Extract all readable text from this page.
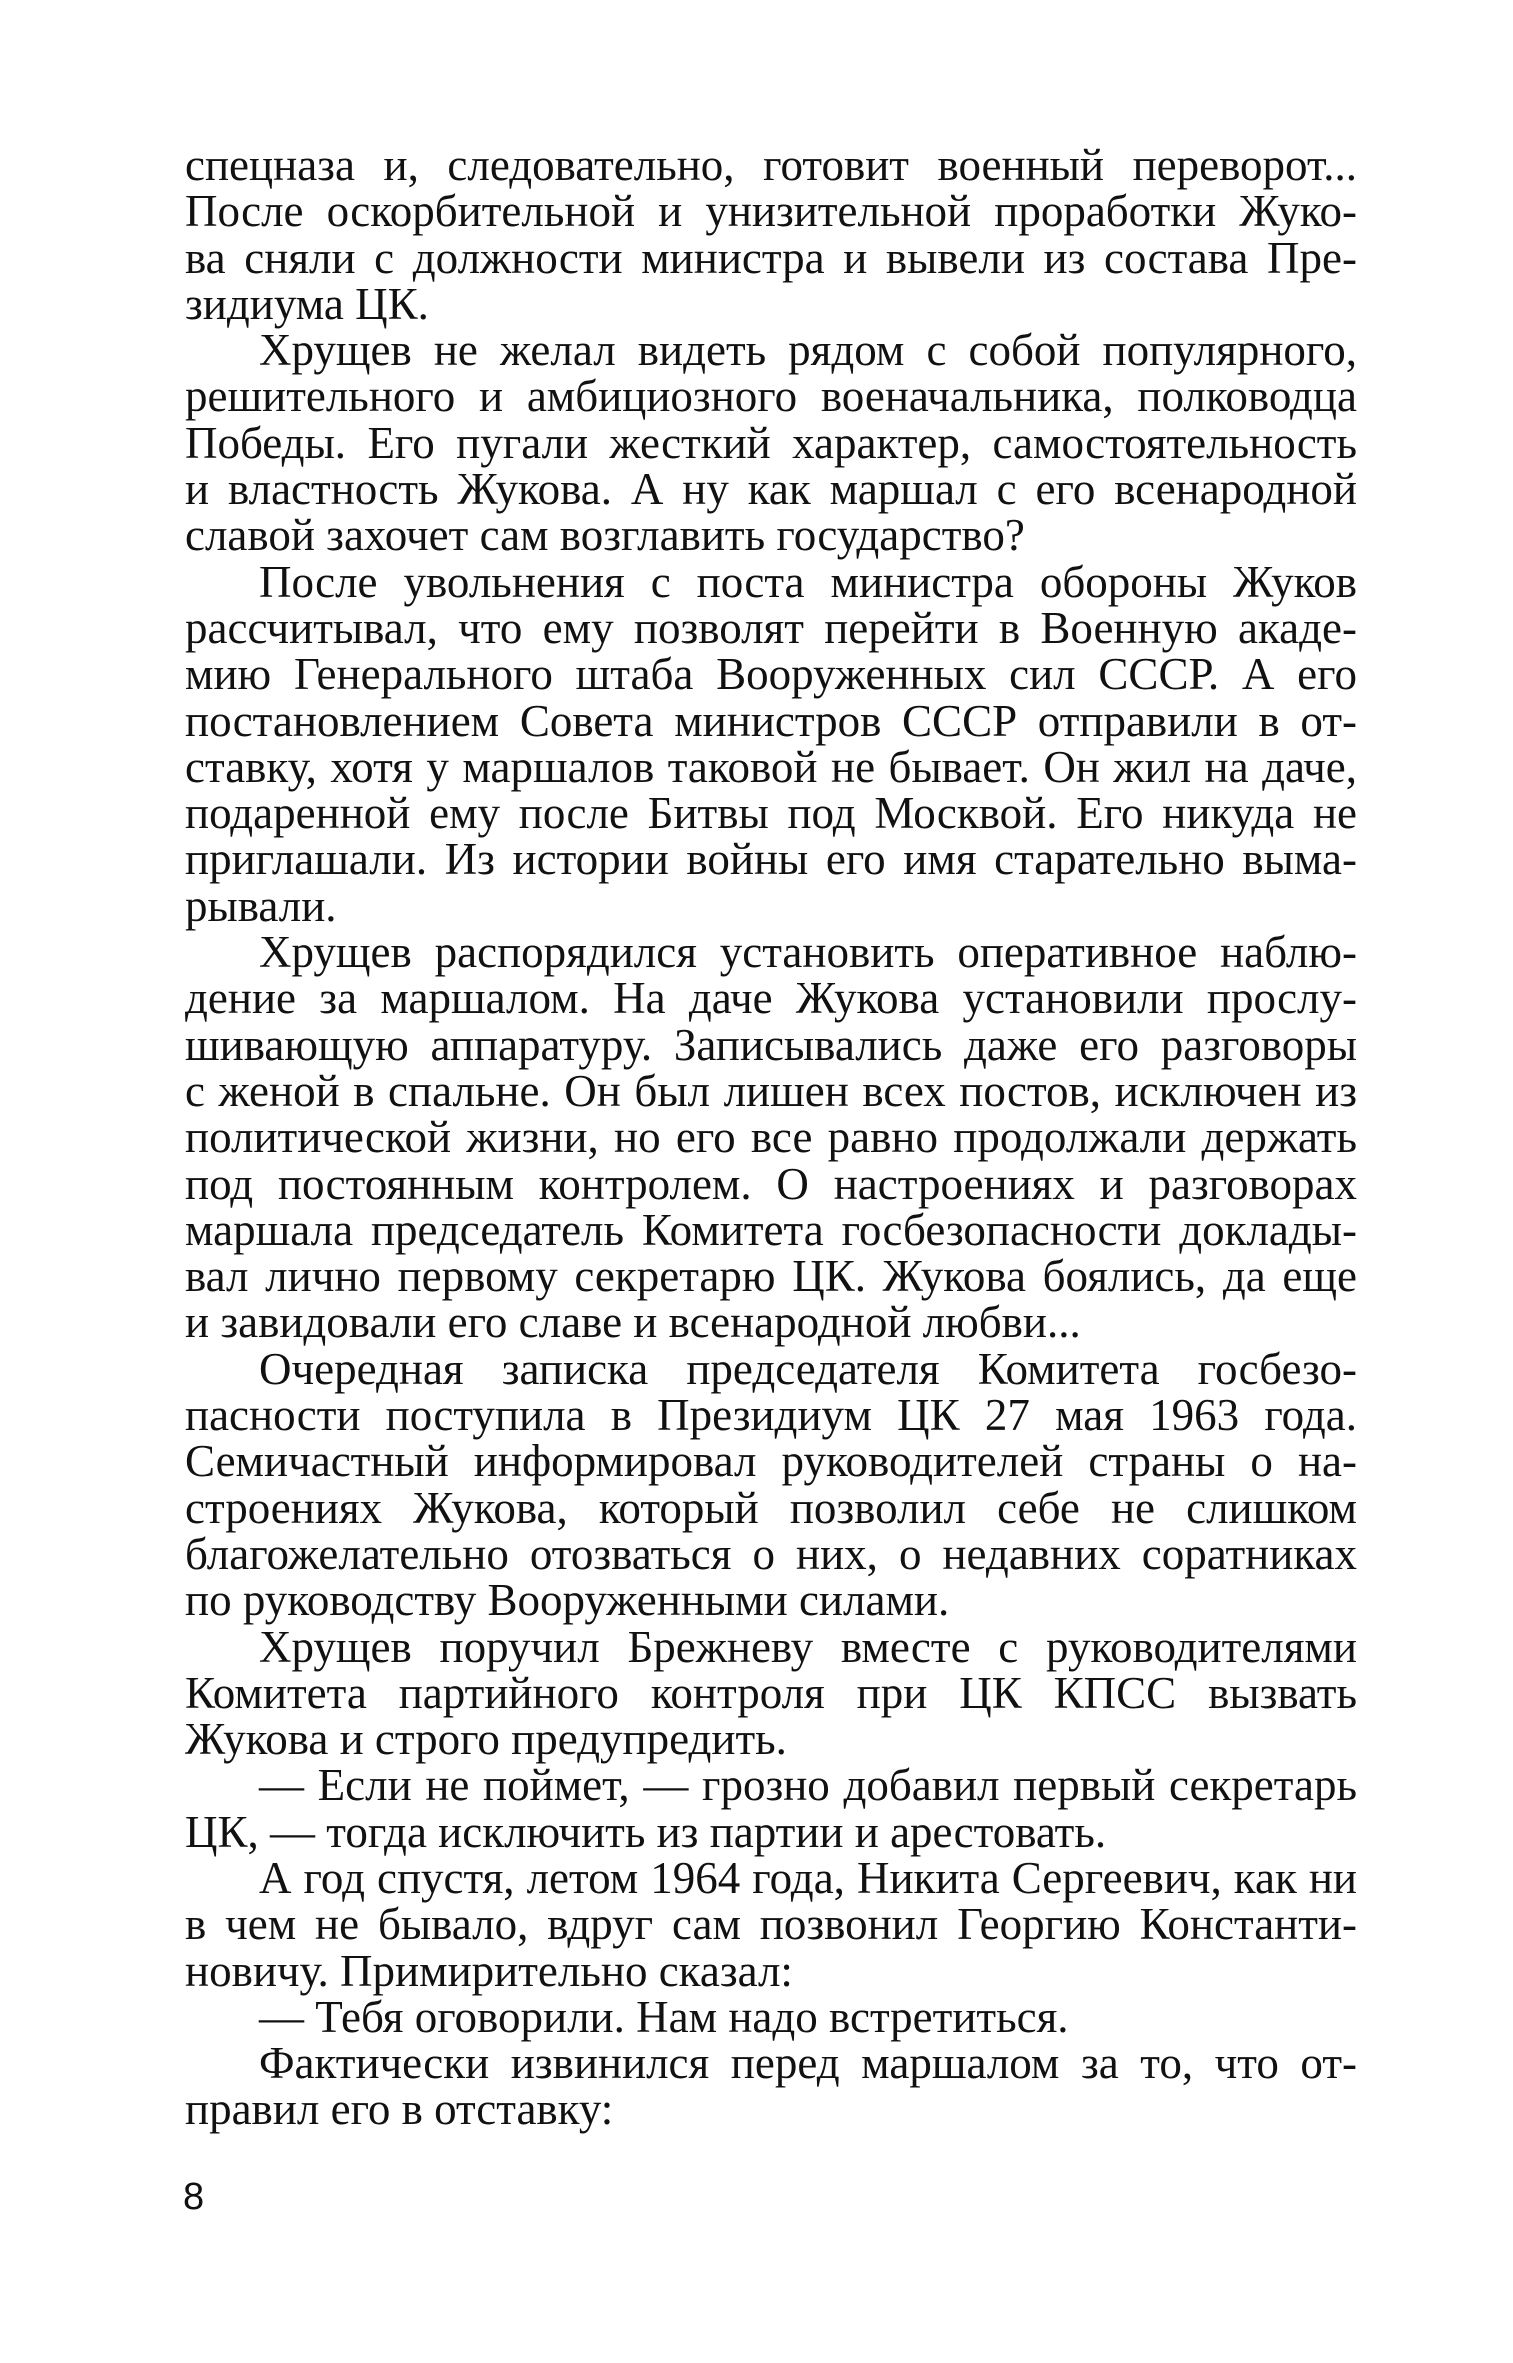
спецназа и, следовательно, готовит военный переворот...
После оскорбительной и унизительной проработки Жуко-
ва сняли с должности министра и вывели из состава Пре-
зидиума ЦК.
Хрущев не желал видеть рядом с собой популярного,
решительного и амбициозного военачальника, полководца
Победы. Его пугали жесткий характер, самостоятельность
и властность Жукова. А ну как маршал с его всенародной
славой захочет сам возглавить государство?
После увольнения с поста министра обороны Жуков
рассчитывал, что ему позволят перейти в Военную акаде-
мию Генерального штаба Вооруженных сил СССР. А его
постановлением Совета министров СССР отправили в от-
ставку, хотя у маршалов таковой не бывает. Он жил на даче,
подаренной ему после Битвы под Москвой. Его никуда не
приглашали. Из истории войны его имя старательно выма-
рывали.
Хрущев распорядился установить оперативное наблю-
дение за маршалом. На даче Жукова установили прослу-
шивающую аппаратуру. Записывались даже его разговоры
с женой в спальне. Он был лишен всех постов, исключен из
политической жизни, но его все равно продолжали держать
под постоянным контролем. О настроениях и разговорах
маршала председатель Комитета госбезопасности доклады-
вал лично первому секретарю ЦК. Жукова боялись, да еще
и завидовали его славе и всенародной любви...
Очередная записка председателя Комитета госбезо-
пасности поступила в Президиум ЦК 27 мая 1963 года.
Семичастный информировал руководителей страны о на-
строениях Жукова, который позволил себе не слишком
благожелательно отозваться о них, о недавних соратниках
по руководству Вооруженными силами.
Хрущев поручил Брежневу вместе с руководителями
Комитета партийного контроля при ЦК КПСС вызвать
Жукова и строго предупредить.
— Если не поймет, — грозно добавил первый секретарь
ЦК, — тогда исключить из партии и арестовать.
А год спустя, летом 1964 года, Никита Сергеевич, как ни
в чем не бывало, вдруг сам позвонил Георгию Константи-
новичу. Примирительно сказал:
— Тебя оговорили. Нам надо встретиться.
Фактически извинился перед маршалом за то, что от-
правил его в отставку:
8
